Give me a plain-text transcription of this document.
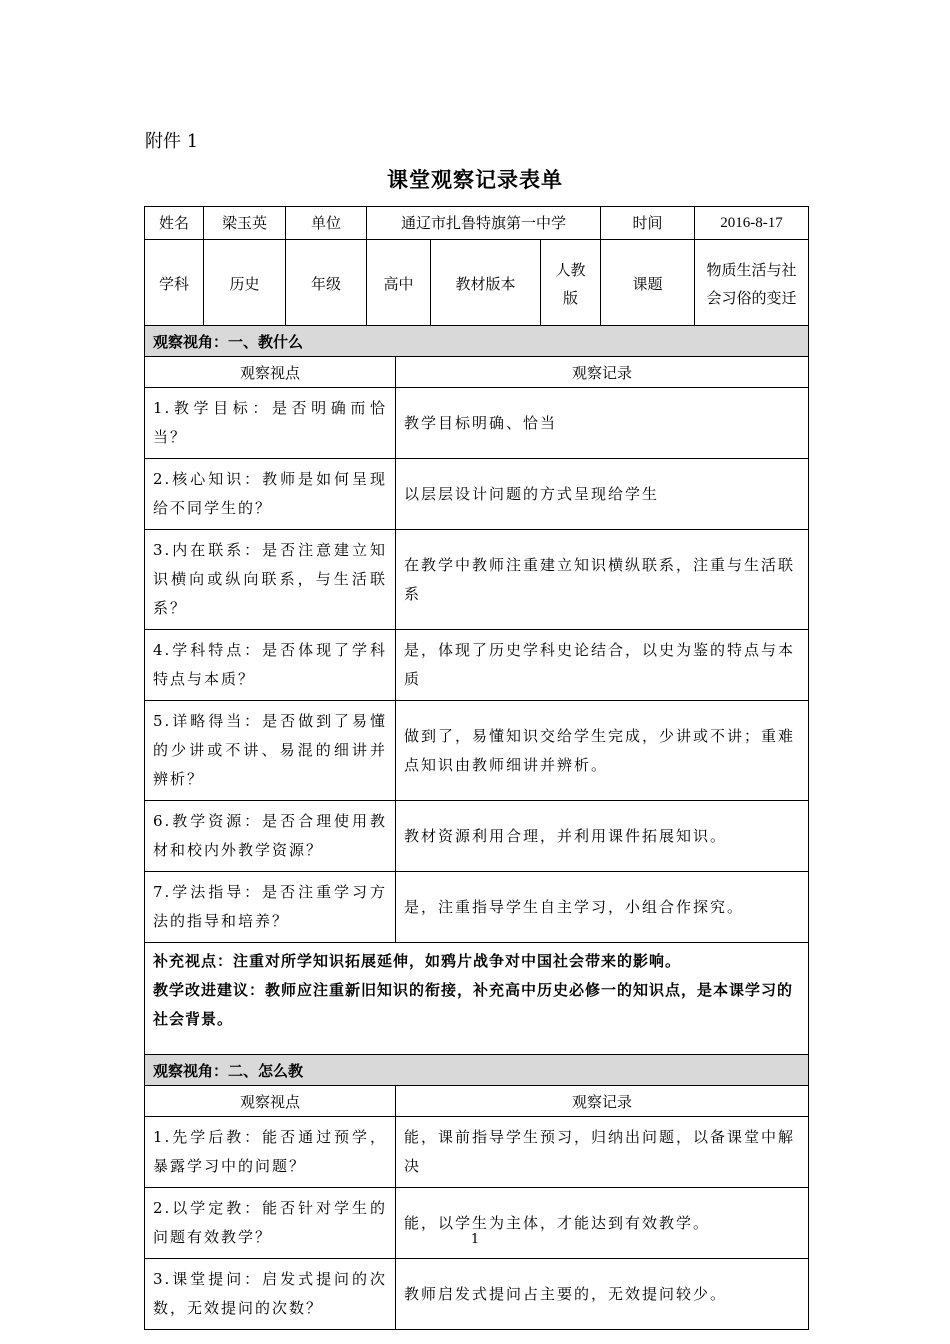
附件 1
课堂观察记录表单
姓名	梁玉英	单位	通辽市扎鲁特旗第一中学			时间	2016-8-17
学科	历史	年级	高中	教材版本	人教版	课题	物质生活与社会习俗的变迁
观察视角：一、教什么	
观察视点	观察记录
1.教学目标：是否明确而恰当？	教学目标明确、恰当
2.核心知识：教师是如何呈现给不同学生的？	以层层设计问题的方式呈现给学生
3.内在联系：是否注意建立知识横向或纵向联系，与生活联系？	在教学中教师注重建立知识横纵联系，注重与生活联系
4.学科特点：是否体现了学科特点与本质？	是，体现了历史学科史论结合，以史为鉴的特点与本质
5.详略得当：是否做到了易懂的少讲或不讲、易混的细讲并辨析？	做到了，易懂知识交给学生完成，少讲或不讲；重难点知识由教师细讲并辨析。
6.教学资源：是否合理使用教材和校内外教学资源？	教材资源利用合理，并利用课件拓展知识。
7.学法指导：是否注重学习方法的指导和培养？	是，注重指导学生自主学习，小组合作探究。

补充视点：注重对所学知识拓展延伸，如鸦片战争对中国社会带来的影响。
教学改进建议：教师应注重新旧知识的衔接，补充高中历史必修一的知识点，是本课学习的
社会背景。	

观察视角：二、怎么教	
观察视点	观察记录
1.先学后教：能否通过预学，暴露学习中的问题？	能，课前指导学生预习，归纳出问题，以备课堂中解决
2.以学定教：能否针对学生的问题有效教学？	能，以学生为主体，才能达到有效教学。
3.课堂提问：启发式提问的次数，无效提问的次数？	教师启发式提问占主要的，无效提问较少。
1
